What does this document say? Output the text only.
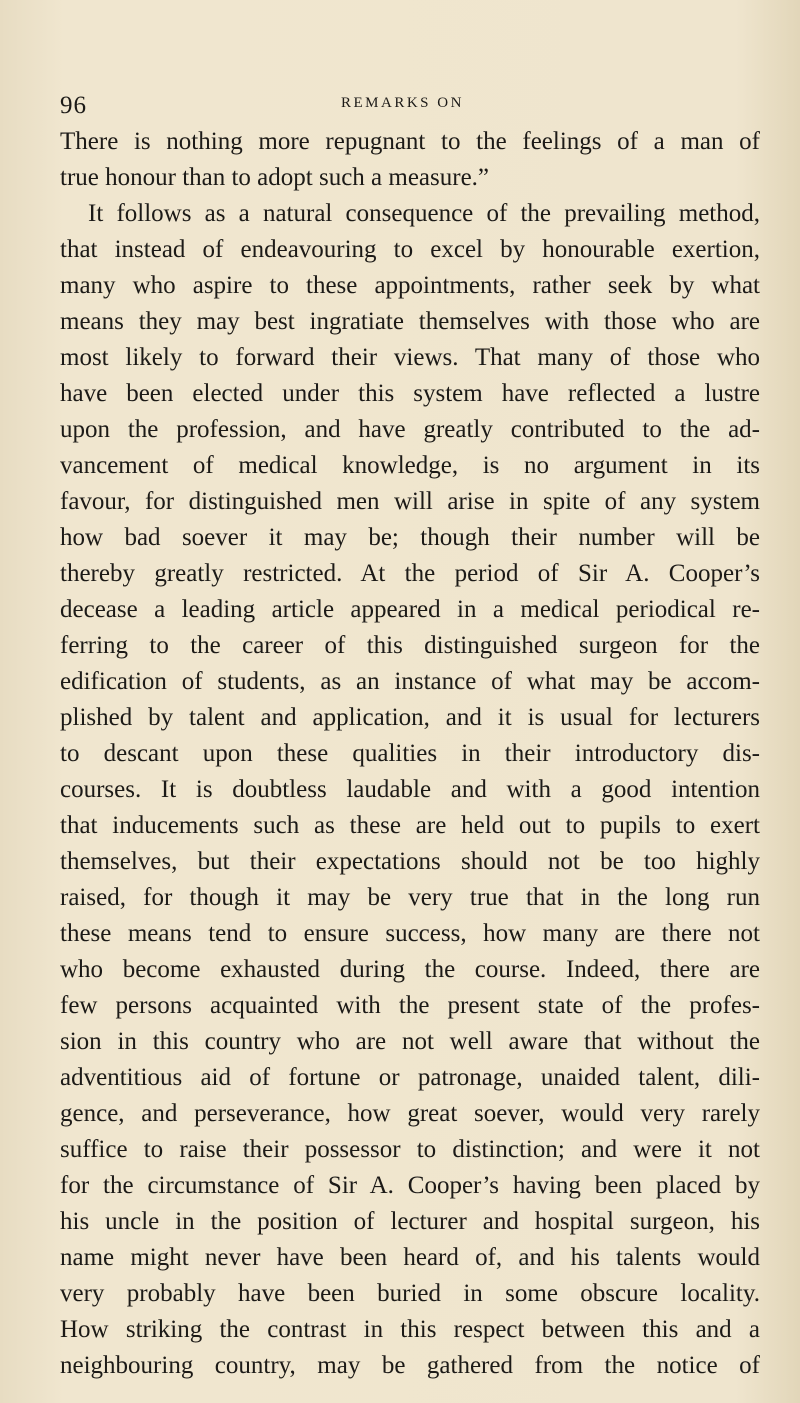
96	REMARKS ON
There is nothing more repugnant to the feelings of a man of
true honour than to adopt such a measure.”
It follows as a natural consequence of the prevailing method,
that instead of endeavouring to excel by honourable exertion,
many who aspire to these appointments, rather seek by what
means they may best ingratiate themselves with those who are
most likely to forward their views. That many of those who
have been elected under this system have reflected a lustre
upon the profession, and have greatly contributed to the ad-
vancement of medical knowledge, is no argument in its
favour, for distinguished men will arise in spite of any system
how bad soever it may be; though their number will be
thereby greatly restricted. At the period of Sir A. Cooper’s
decease a leading article appeared in a medical periodical re-
ferring to the career of this distinguished surgeon for the
edification of students, as an instance of what may be accom-
plished by talent and application, and it is usual for lecturers
to descant upon these qualities in their introductory dis-
courses. It is doubtless laudable and with a good intention
that inducements such as these are held out to pupils to exert
themselves, but their expectations should not be too highly
raised, for though it may be very true that in the long run
these means tend to ensure success, how many are there not
who become exhausted during the course. Indeed, there are
few persons acquainted with the present state of the profes-
sion in this country who are not well aware that without the
adventitious aid of fortune or patronage, unaided talent, dili-
gence, and perseverance, how great soever, would very rarely
suffice to raise their possessor to distinction; and were it not
for the circumstance of Sir A. Cooper’s having been placed by
his uncle in the position of lecturer and hospital surgeon, his
name might never have been heard of, and his talents would
very probably have been buried in some obscure locality.
How striking the contrast in this respect between this and a
neighbouring country, may be gathered from the notice of
